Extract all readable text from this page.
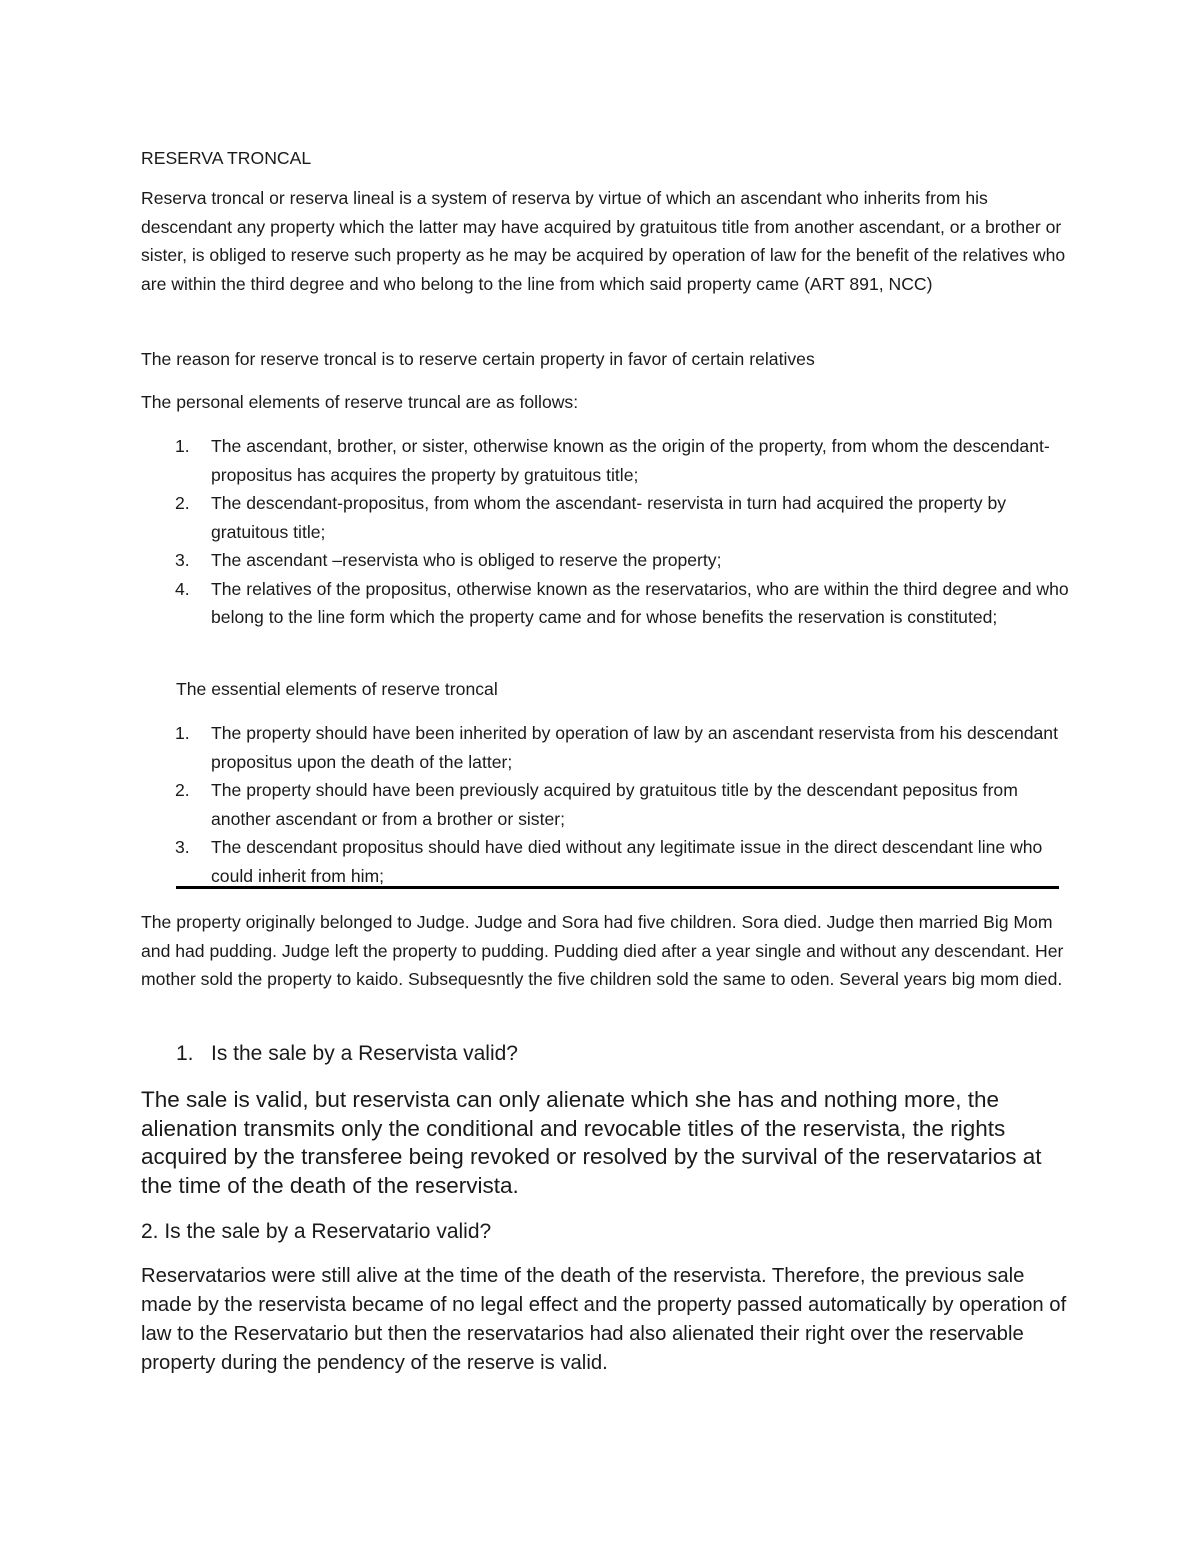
RESERVA TRONCAL

Reserva troncal or reserva lineal is a system of reserva by virtue of which an ascendant who inherits from his descendant any property which the latter may have acquired by gratuitous title from another ascendant, or a brother or sister, is obliged to reserve such property as he may be acquired by operation of law for the benefit of the relatives who are within the third degree and who belong to the line from which said property came (ART 891, NCC)

The reason for reserve troncal is to reserve certain property in favor of certain relatives

The personal elements of reserve truncal are as follows:

1. The ascendant, brother, or sister, otherwise known as the origin of the property, from whom the descendant- propositus has acquires the property by gratuitous title;
2. The descendant-propositus, from whom the ascendant- reservista in turn had acquired the property by gratuitous title;
3. The ascendant –reservista who is obliged to reserve the property;
4. The relatives of the propositus, otherwise known as the reservatarios, who are within the third degree and who belong to the line form which the property came and for whose benefits the reservation is constituted;

The essential elements of reserve troncal

1. The property should have been inherited by operation of law by an ascendant reservista from his descendant propositus upon the death of the latter;
2. The property should have been previously acquired by gratuitous title by the descendant pepositus from another ascendant or from a brother or sister;
3. The descendant propositus should have died without any legitimate issue in the direct descendant line who could inherit from him;

The property originally belonged to Judge. Judge and Sora had five children. Sora died. Judge then married Big Mom and had pudding. Judge left the property to pudding. Pudding died after a year single and without any descendant. Her mother sold the property to kaido. Subsequesntly the five children sold the same to oden. Several years big mom died.

1. Is the sale by a Reservista valid?

The sale is valid, but reservista can only alienate which she has and nothing more, the alienation transmits only the conditional and revocable titles of the reservista, the rights acquired by the transferee being revoked or resolved by the survival of the reservatarios at the time of the death of the reservista.

2. Is the sale by a Reservatario valid?

Reservatarios were still alive at the time of the death of the reservista. Therefore, the previous sale made by the reservista became of no legal effect and the property passed automatically by operation of law to the Reservatario but then the reservatarios had also alienated their right over the reservable property during the pendency of the reserve is valid.
